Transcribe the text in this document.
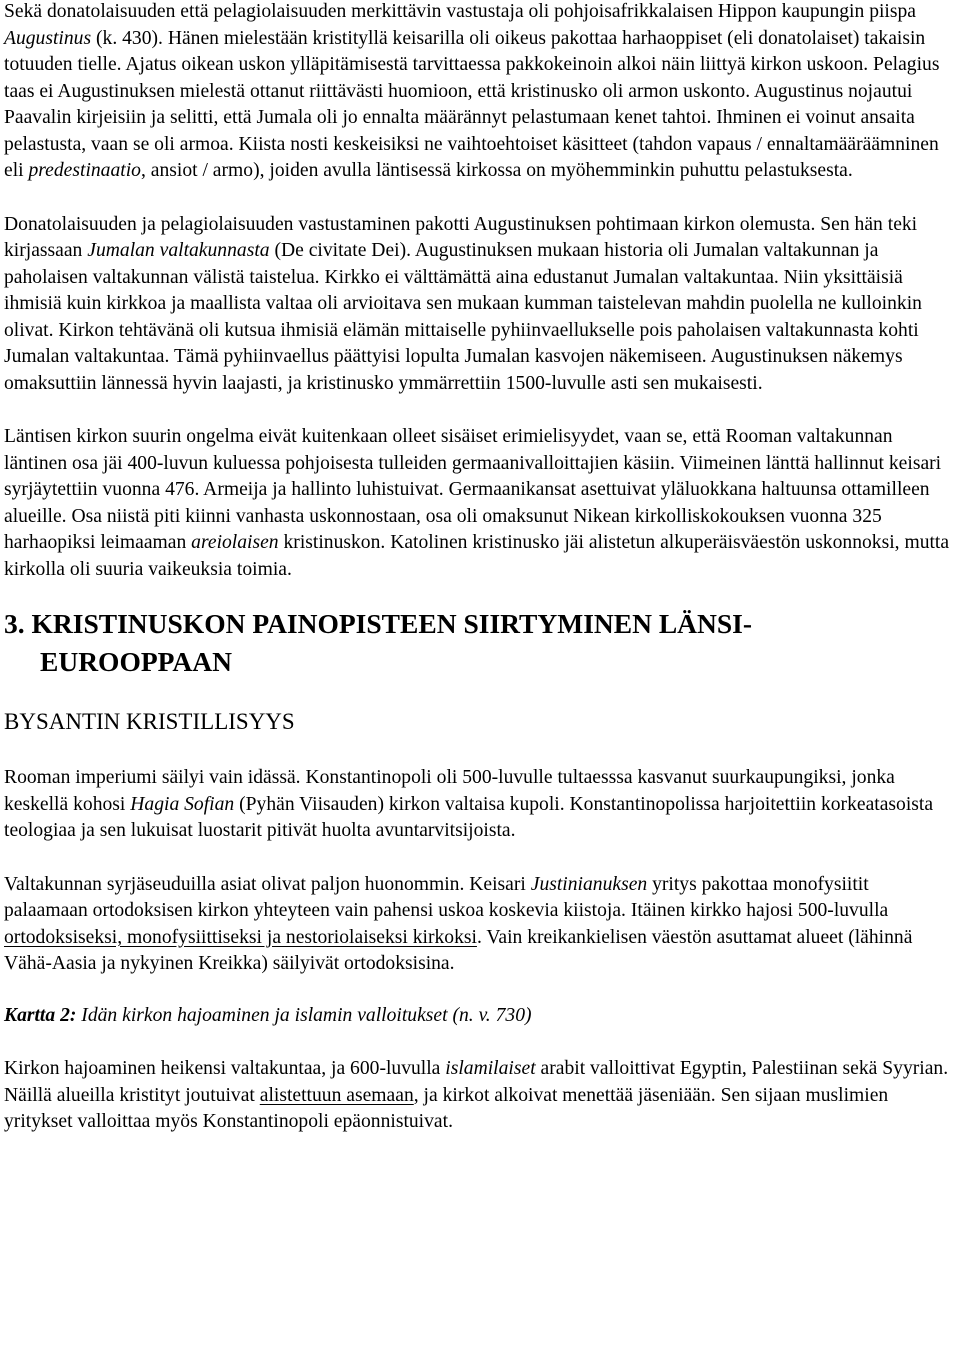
Sekä donatolaisuuden että pelagiolaisuuden merkittävin vastustaja oli pohjoisafrikkalaisen Hippon kaupungin piispa Augustinus (k. 430). Hänen mielestään kristityllä keisarilla oli oikeus pakottaa harhaoppiset (eli donatolaiset) takaisin totuuden tielle. Ajatus oikean uskon ylläpitämisestä tarvittaessa pakkokeinoin alkoi näin liittyä kirkon uskoon. Pelagius taas ei Augustinuksen mielestä ottanut riittävästi huomioon, että kristinusko oli armon uskonto. Augustinus nojautui Paavalin kirjeisiin ja selitti, että Jumala oli jo ennalta määrännyt pelastumaan kenet tahtoi. Ihminen ei voinut ansaita pelastusta, vaan se oli armoa. Kiista nosti keskeisiksi ne vaihtoehtoiset käsitteet (tahdon vapaus / ennaltamääräämninen eli predestinaatio, ansiot / armo), joiden avulla läntisessä kirkossa on myöhemminkin puhuttu pelastuksesta.

Donatolaisuuden ja pelagiolaisuuden vastustaminen pakotti Augustinuksen pohtimaan kirkon olemusta. Sen hän teki kirjassaan Jumalan valtakunnasta (De civitate Dei). Augustinuksen mukaan historia oli Jumalan valtakunnan ja paholaisen valtakunnan välistä taistelua. Kirkko ei välttämättä aina edustanut Jumalan valtakuntaa. Niin yksittäisiä ihmisiä kuin kirkkoa ja maallista valtaa oli arvioitava sen mukaan kumman taistelevan mahdin puolella ne kulloinkin olivat. Kirkon tehtävänä oli kutsua ihmisiä elämän mittaiselle pyhiinvaellukselle pois paholaisen valtakunnasta kohti Jumalan valtakuntaa. Tämä pyhiinvaellus päättyisi lopulta Jumalan kasvojen näkemiseen. Augustinuksen näkemys omaksuttiin lännessä hyvin laajasti, ja kristinusko ymmärrettiin 1500-luvulle asti sen mukaisesti.

Läntisen kirkon suurin ongelma eivät kuitenkaan olleet sisäiset erimielisyydet, vaan se, että Rooman valtakunnan läntinen osa jäi 400-luvun kuluessa pohjoisesta tulleiden germaanivalloittajien käsiin. Viimeinen länttä hallinnut keisari syrjäytettiin vuonna 476. Armeija ja hallinto luhistuivat. Germaanikansat asettuivat yläluokkana haltuunsa ottamilleen alueille. Osa niistä piti kiinni vanhasta uskonnostaan, osa oli omaksunut Nikean kirkolliskokouksen vuonna 325 harhaopiksi leimaaman areiolaisen kristinuskon. Katolinen kristinusko jäi alistetun alkuperäisväestön uskonnoksi, mutta kirkolla oli suuria vaikeuksia toimia.

3. KRISTINUSKON PAINOPISTEEN SIIRTYMINEN LÄNSI-
EUROOPPAAN
BYSANTIN KRISTILLISYYS

Rooman imperiumi säilyi vain idässä. Konstantinopoli oli 500-luvulle tultaesssa kasvanut suurkaupungiksi, jonka keskellä kohosi Hagia Sofian (Pyhän Viisauden) kirkon valtaisa kupoli. Konstantinopolissa harjoitettiin korkeatasoista teologiaa ja sen lukuisat luostarit pitivät huolta avuntarvitsijoista.

Valtakunnan syrjäseuduilla asiat olivat paljon huonommin. Keisari Justinianuksen yritys pakottaa monofysiitit palaamaan ortodoksisen kirkon yhteyteen vain pahensi uskoa koskevia kiistoja. Itäinen kirkko hajosi 500-luvulla ortodoksiseksi, monofysiittiseksi ja nestoriolaiseksi kirkoksi. Vain kreikankielisen väestön asuttamat alueet (lähinnä Vähä-Aasia ja nykyinen Kreikka) säilyivät ortodoksisina.

Kartta 2: Idän kirkon hajoaminen ja islamin valloitukset (n. v. 730)

Kirkon hajoaminen heikensi valtakuntaa, ja 600-luvulla islamilaiset arabit valloittivat Egyptin, Palestiinan sekä Syyrian. Näillä alueilla kristityt joutuivat alistettuun asemaan, ja kirkot alkoivat menettää jäseniään. Sen sijaan muslimien yritykset valloittaa myös Konstantinopoli epäonnistuivat.
